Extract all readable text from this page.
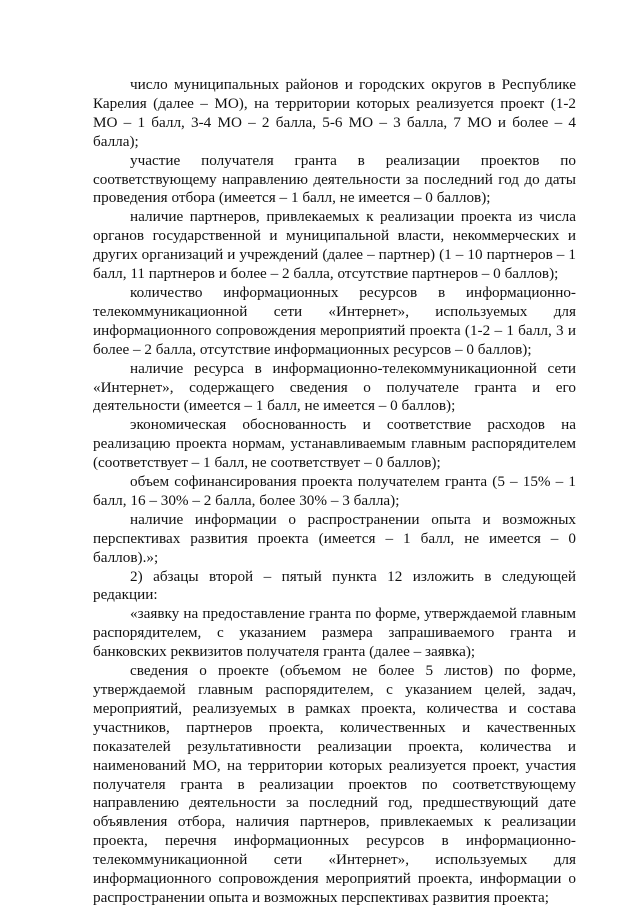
число муниципальных районов и городских округов в Республике Карелия (далее – МО), на территории которых реализуется проект (1-2 МО – 1 балл, 3-4 МО – 2 балла, 5-6 МО – 3 балла, 7 МО и более – 4 балла);

участие получателя гранта в реализации проектов по соответствующему направлению деятельности за последний год до даты проведения отбора (имеется – 1 балл, не имеется – 0 баллов);

наличие партнеров, привлекаемых к реализации проекта из числа органов государственной и муниципальной власти, некоммерческих и других организаций и учреждений (далее – партнер) (1 – 10 партнеров – 1 балл, 11 партнеров и более – 2 балла, отсутствие партнеров – 0 баллов);

количество информационных ресурсов в информационно-телекоммуникационной сети «Интернет», используемых для информационного сопровождения мероприятий проекта (1-2 – 1 балл, 3 и более – 2 балла, отсутствие информационных ресурсов – 0 баллов);

наличие ресурса в информационно-телекоммуникационной сети «Интернет», содержащего сведения о получателе гранта и его деятельности (имеется – 1 балл, не имеется – 0 баллов);

экономическая обоснованность и соответствие расходов на реализацию проекта нормам, устанавливаемым главным распорядителем (соответствует – 1 балл, не соответствует – 0 баллов);

объем софинансирования проекта получателем гранта (5 – 15% – 1 балл, 16 – 30% – 2 балла, более 30% – 3 балла);

наличие информации о распространении опыта и возможных перспективах развития проекта (имеется – 1 балл, не имеется – 0 баллов).»;

2) абзацы второй – пятый пункта 12 изложить в следующей редакции:

«заявку на предоставление гранта по форме, утверждаемой главным распорядителем, с указанием размера запрашиваемого гранта и банковских реквизитов получателя гранта (далее – заявка);

сведения о проекте (объемом не более 5 листов) по форме, утверждаемой главным распорядителем, с указанием целей, задач, мероприятий, реализуемых в рамках проекта, количества и состава участников, партнеров проекта, количественных и качественных показателей результативности реализации проекта, количества и наименований МО, на территории которых реализуется проект, участия получателя гранта в реализации проектов по соответствующему направлению деятельности за последний год, предшествующий дате объявления отбора, наличия партнеров, привлекаемых к реализации проекта, перечня информационных ресурсов в информационно-телекоммуникационной сети «Интернет», используемых для информационного сопровождения мероприятий проекта, информации о распространении опыта и возможных перспективах развития проекта;
